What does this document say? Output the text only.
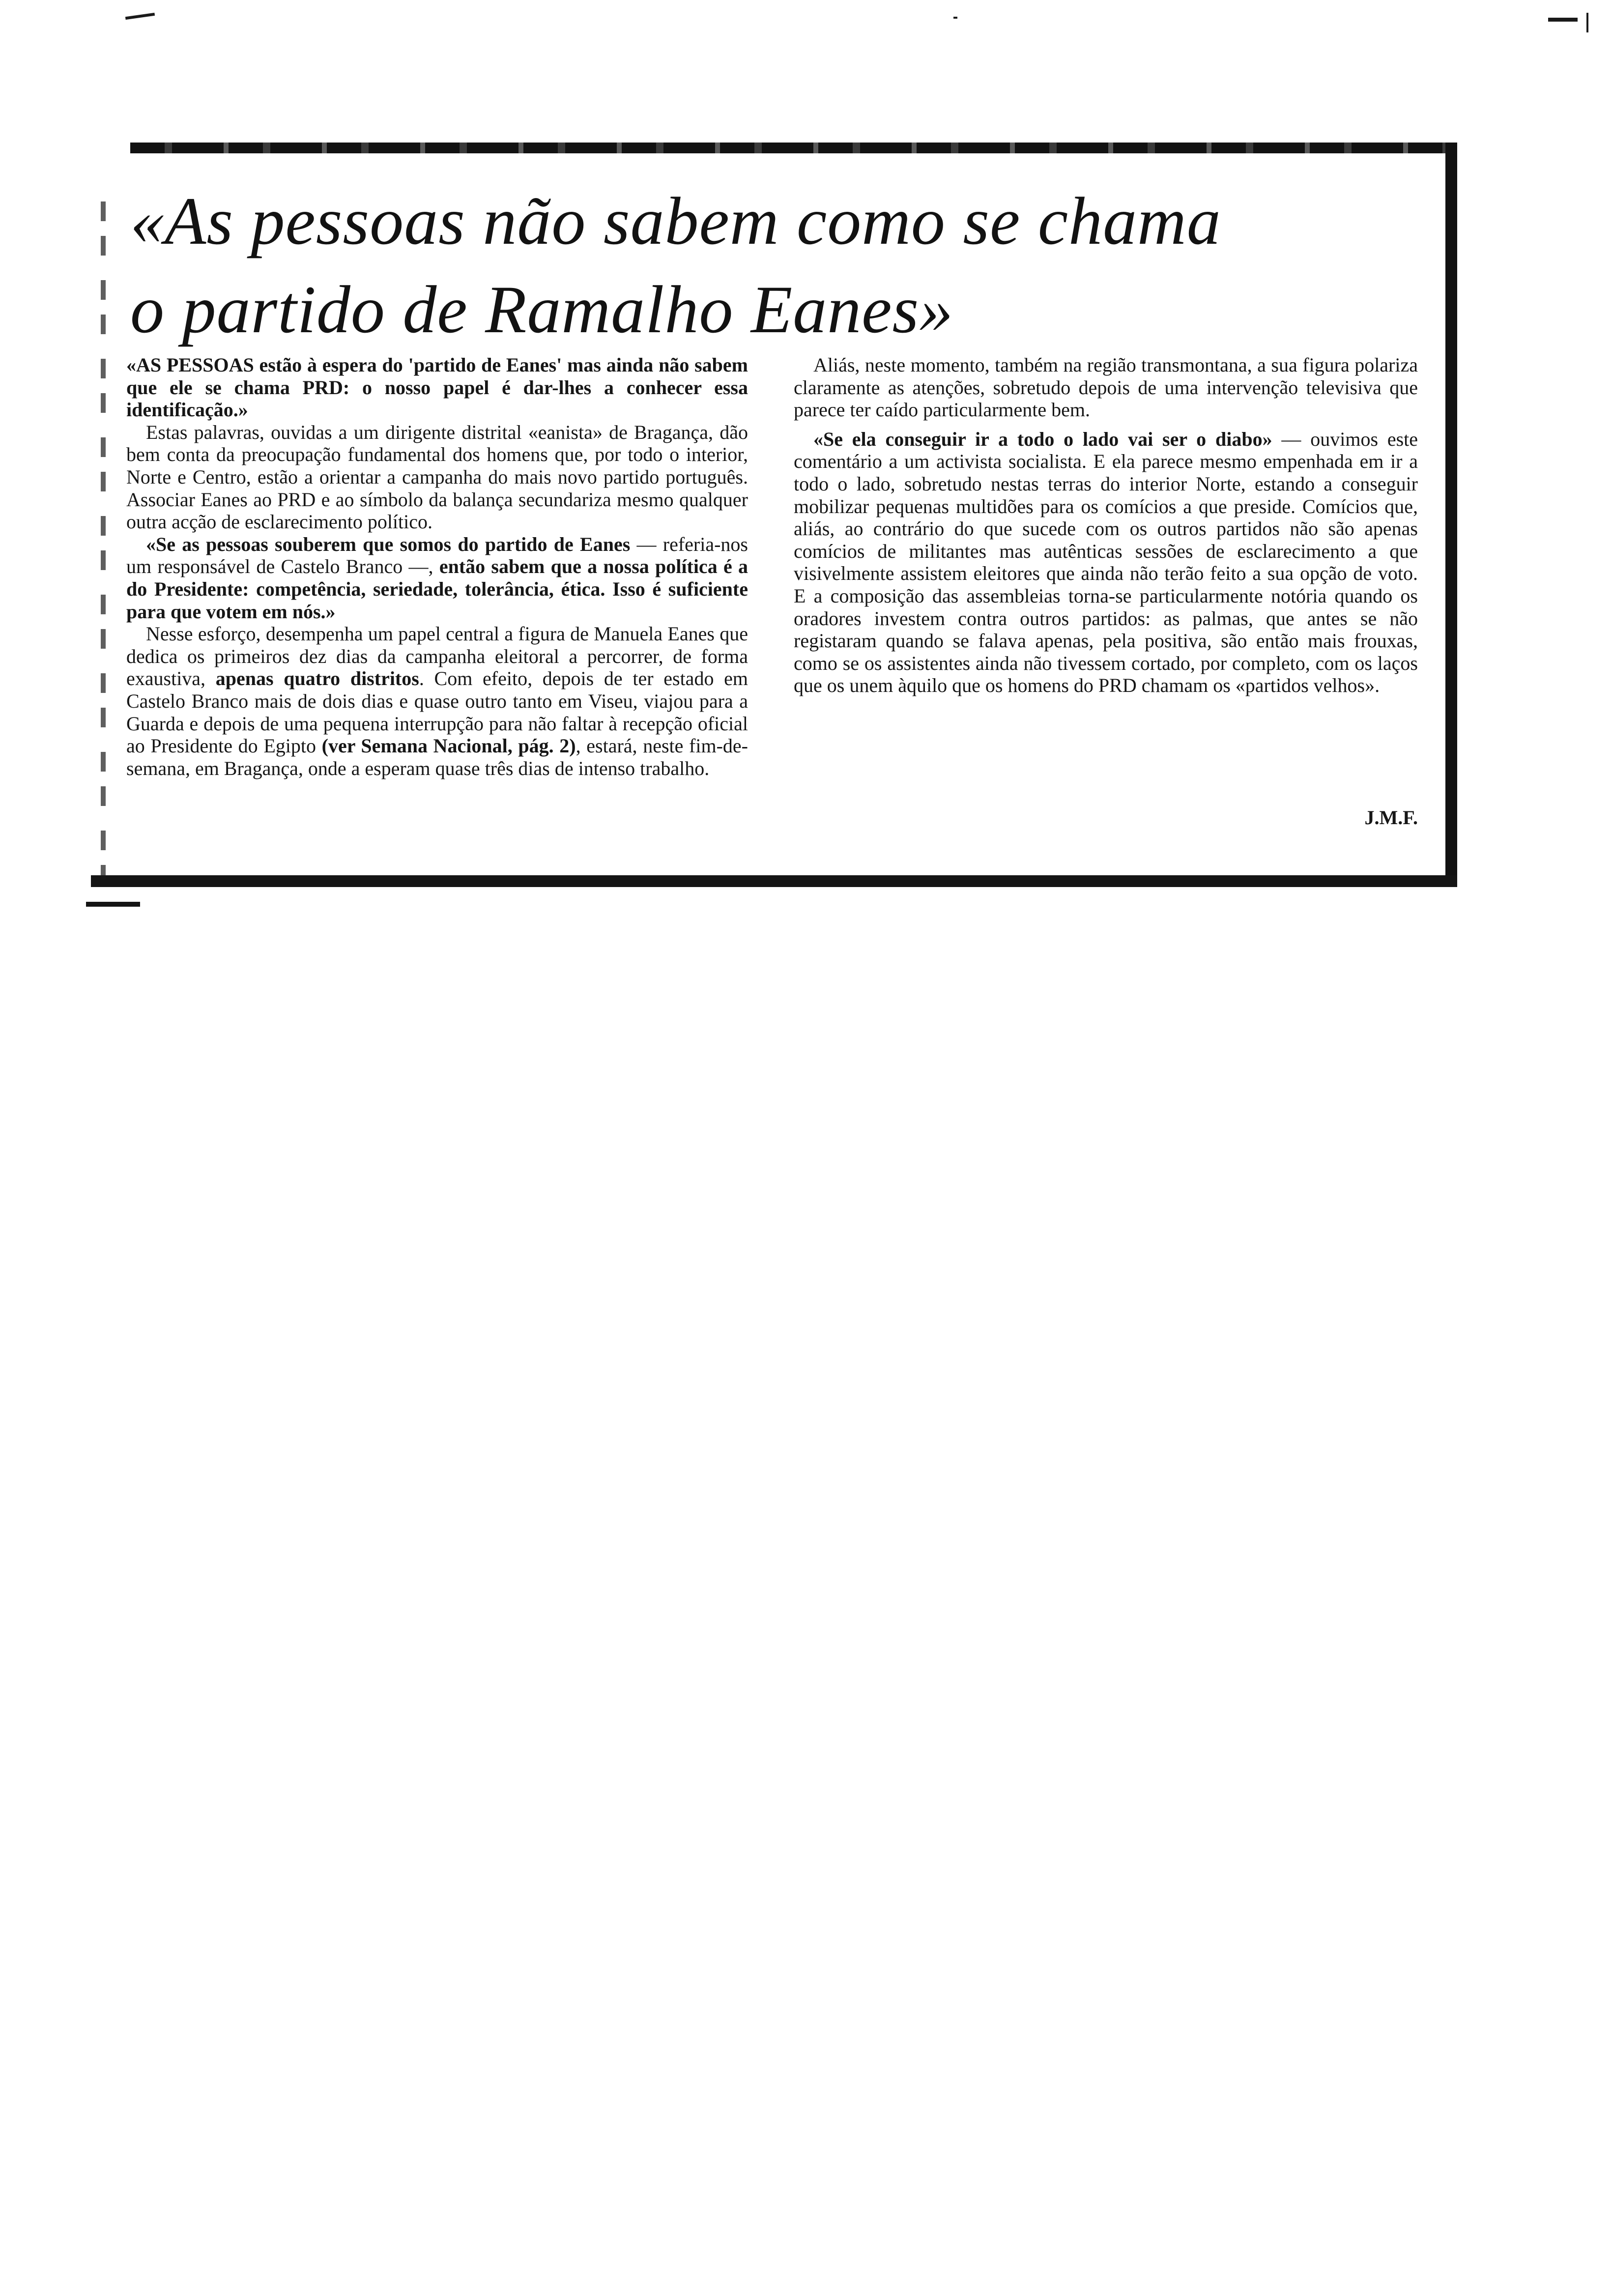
«As pessoas não sabem como se chama
o partido de Ramalho Eanes»

«AS PESSOAS estão à espera do 'partido de Eanes' mas ainda não sabem que ele se chama PRD: o nosso papel é dar-lhes a conhecer essa identificação.»

Estas palavras, ouvidas a um dirigente distrital «eanista» de Bragança, dão bem conta da preocupação fundamental dos homens que, por todo o interior, Norte e Centro, estão a orientar a campanha do mais novo partido português. Associar Eanes ao PRD e ao símbolo da balança secundariza mesmo qualquer outra acção de esclarecimento político.

«Se as pessoas souberem que somos do partido de Eanes — referia-nos um responsável de Castelo Branco —, então sabem que a nossa política é a do Presidente: competência, seriedade, tolerância, ética. Isso é suficiente para que votem em nós.»

Nesse esforço, desempenha um papel central a figura de Manuela Eanes que dedica os primeiros dez dias da campanha eleitoral a percorrer, de forma exaustiva, apenas quatro distritos. Com efeito, depois de ter estado em Castelo Branco mais de dois dias e quase outro tanto em Viseu, viajou para a Guarda e depois de uma pequena interrupção para não faltar à recepção oficial ao Presidente do Egipto (ver Semana Nacional, pág. 2), estará, neste fim-de-semana, em Bragança, onde a esperam quase três dias de intenso trabalho.

Aliás, neste momento, também na região transmontana, a sua figura polariza claramente as atenções, sobretudo depois de uma intervenção televisiva que parece ter caído particularmente bem.

«Se ela conseguir ir a todo o lado vai ser o diabo» — ouvimos este comentário a um activista socialista. E ela parece mesmo empenhada em ir a todo o lado, sobretudo nestas terras do interior Norte, estando a conseguir mobilizar pequenas multidões para os comícios a que preside. Comícios que, aliás, ao contrário do que sucede com os outros partidos não são apenas comícios de militantes mas autênticas sessões de esclarecimento a que visivelmente assistem eleitores que ainda não terão feito a sua opção de voto. E a composição das assembleias torna-se particularmente notória quando os oradores investem contra outros partidos: as palmas, que antes se não registaram quando se falava apenas, pela positiva, são então mais frouxas, como se os assistentes ainda não tivessem cortado, por completo, com os laços que os unem àquilo que os homens do PRD chamam os «partidos velhos».

J.M.F.
